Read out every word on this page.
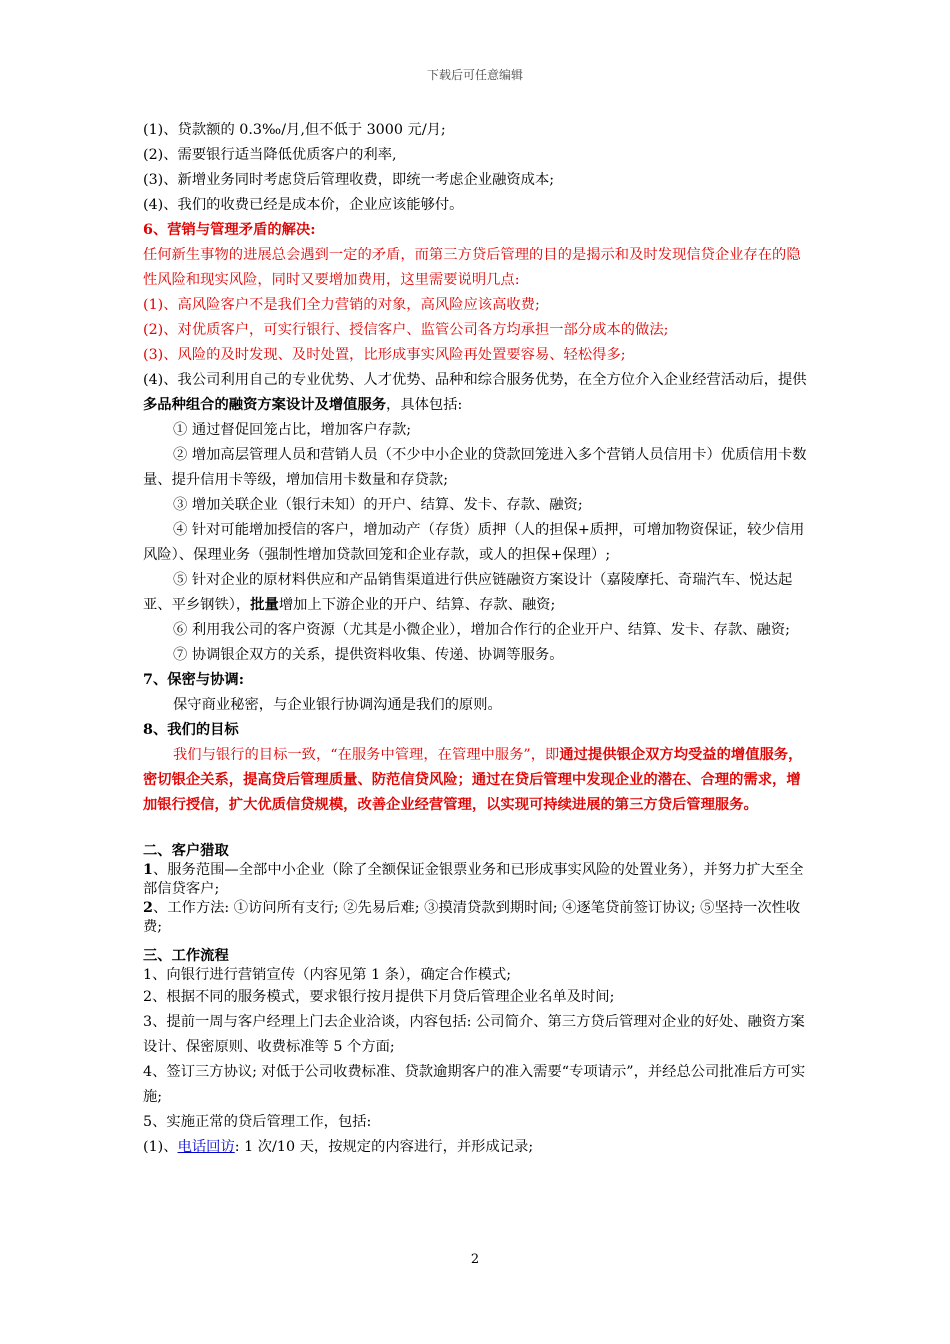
下载后可任意编辑
(1)、贷款额的 0.3‰/月,但不低于 3000 元/月;
(2)、需要银行适当降低优质客户的利率,
(3)、新增业务同时考虑贷后管理收费，即统一考虑企业融资成本;
(4)、我们的收费已经是成本价，企业应该能够付。
6、营销与管理矛盾的解决:
任何新生事物的进展总会遇到一定的矛盾，而第三方贷后管理的目的是揭示和及时发现信贷企业存在的隐性风险和现实风险，同时又要增加费用，这里需要说明几点:
(1)、高风险客户不是我们全力营销的对象，高风险应该高收费;
(2)、对优质客户，可实行银行、授信客户、监管公司各方均承担一部分成本的做法;
(3)、风险的及时发现、及时处置，比形成事实风险再处置要容易、轻松得多;
(4)、我公司利用自己的专业优势、人才优势、品种和综合服务优势，在全方位介入企业经营活动后，提供多品种组合的融资方案设计及增值服务，具体包括:
① 通过督促回笼占比，增加客户存款;
② 增加高层管理人员和营销人员（不少中小企业的贷款回笼进入多个营销人员信用卡）优质信用卡数量、提升信用卡等级，增加信用卡数量和存贷款;
③ 增加关联企业（银行未知）的开户、结算、发卡、存款、融资;
④ 针对可能增加授信的客户，增加动产（存货）质押（人的担保+质押，可增加物资保证，较少信用风险）、保理业务（强制性增加贷款回笼和企业存款，或人的担保+保理）;
⑤ 针对企业的原材料供应和产品销售渠道进行供应链融资方案设计（嘉陵摩托、奇瑞汽车、悦达起亚、平乡钢铁），批量增加上下游企业的开户、结算、存款、融资;
⑥ 利用我公司的客户资源（尤其是小微企业），增加合作行的企业开户、结算、发卡、存款、融资;
⑦ 协调银企双方的关系，提供资料收集、传递、协调等服务。
7、保密与协调:
保守商业秘密，与企业银行协调沟通是我们的原则。
8、我们的目标
我们与银行的目标一致，“在服务中管理，在管理中服务”，即通过提供银企双方均受益的增值服务，密切银企关系，提高贷后管理质量、防范信贷风险；通过在贷后管理中发现企业的潜在、合理的需求，增加银行授信，扩大优质信贷规模，改善企业经营管理，以实现可持续进展的第三方贷后管理服务。
二、客户猎取
1、服务范围—全部中小企业（除了全额保证金银票业务和已形成事实风险的处置业务），并努力扩大至全部信贷客户;
2、工作方法: ①访问所有支行; ②先易后难; ③摸清贷款到期时间; ④逐笔贷前签订协议; ⑤坚持一次性收费;
三、工作流程
1、向银行进行营销宣传（内容见第 1 条），确定合作模式;
2、根据不同的服务模式，要求银行按月提供下月贷后管理企业名单及时间;
3、提前一周与客户经理上门去企业洽谈，内容包括: 公司简介、第三方贷后管理对企业的好处、融资方案设计、保密原则、收费标准等 5 个方面;
4、签订三方协议; 对低于公司收费标准、贷款逾期客户的准入需要“专项请示”，并经总公司批准后方可实施;
5、实施正常的贷后管理工作，包括:
(1)、电话回访: 1 次/10 天，按规定的内容进行，并形成记录;
2
